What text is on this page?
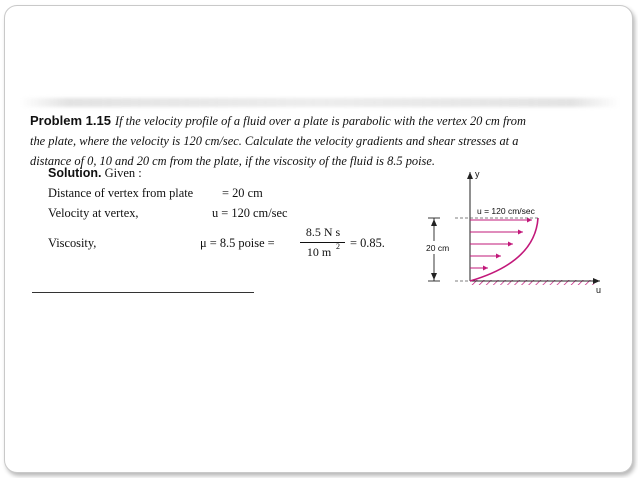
Problem 1.15 If the velocity profile of a fluid over a plate is parabolic with the vertex 20 cm from
the plate, where the velocity is 120 cm/sec. Calculate the velocity gradients and shear stresses at a
distance of 0, 10 and 20 cm from the plate, if the viscosity of the fluid is 8.5 poise.
Solution. Given :
Distance of vertex from plate = 20 cm
Velocity at vertex,	u = 120 cm/sec
Viscosity,	μ = 8.5 poise =
8.5 N s
10 m 2 = 0.85.	20 cm
y
u
u = 120 cm/sec
